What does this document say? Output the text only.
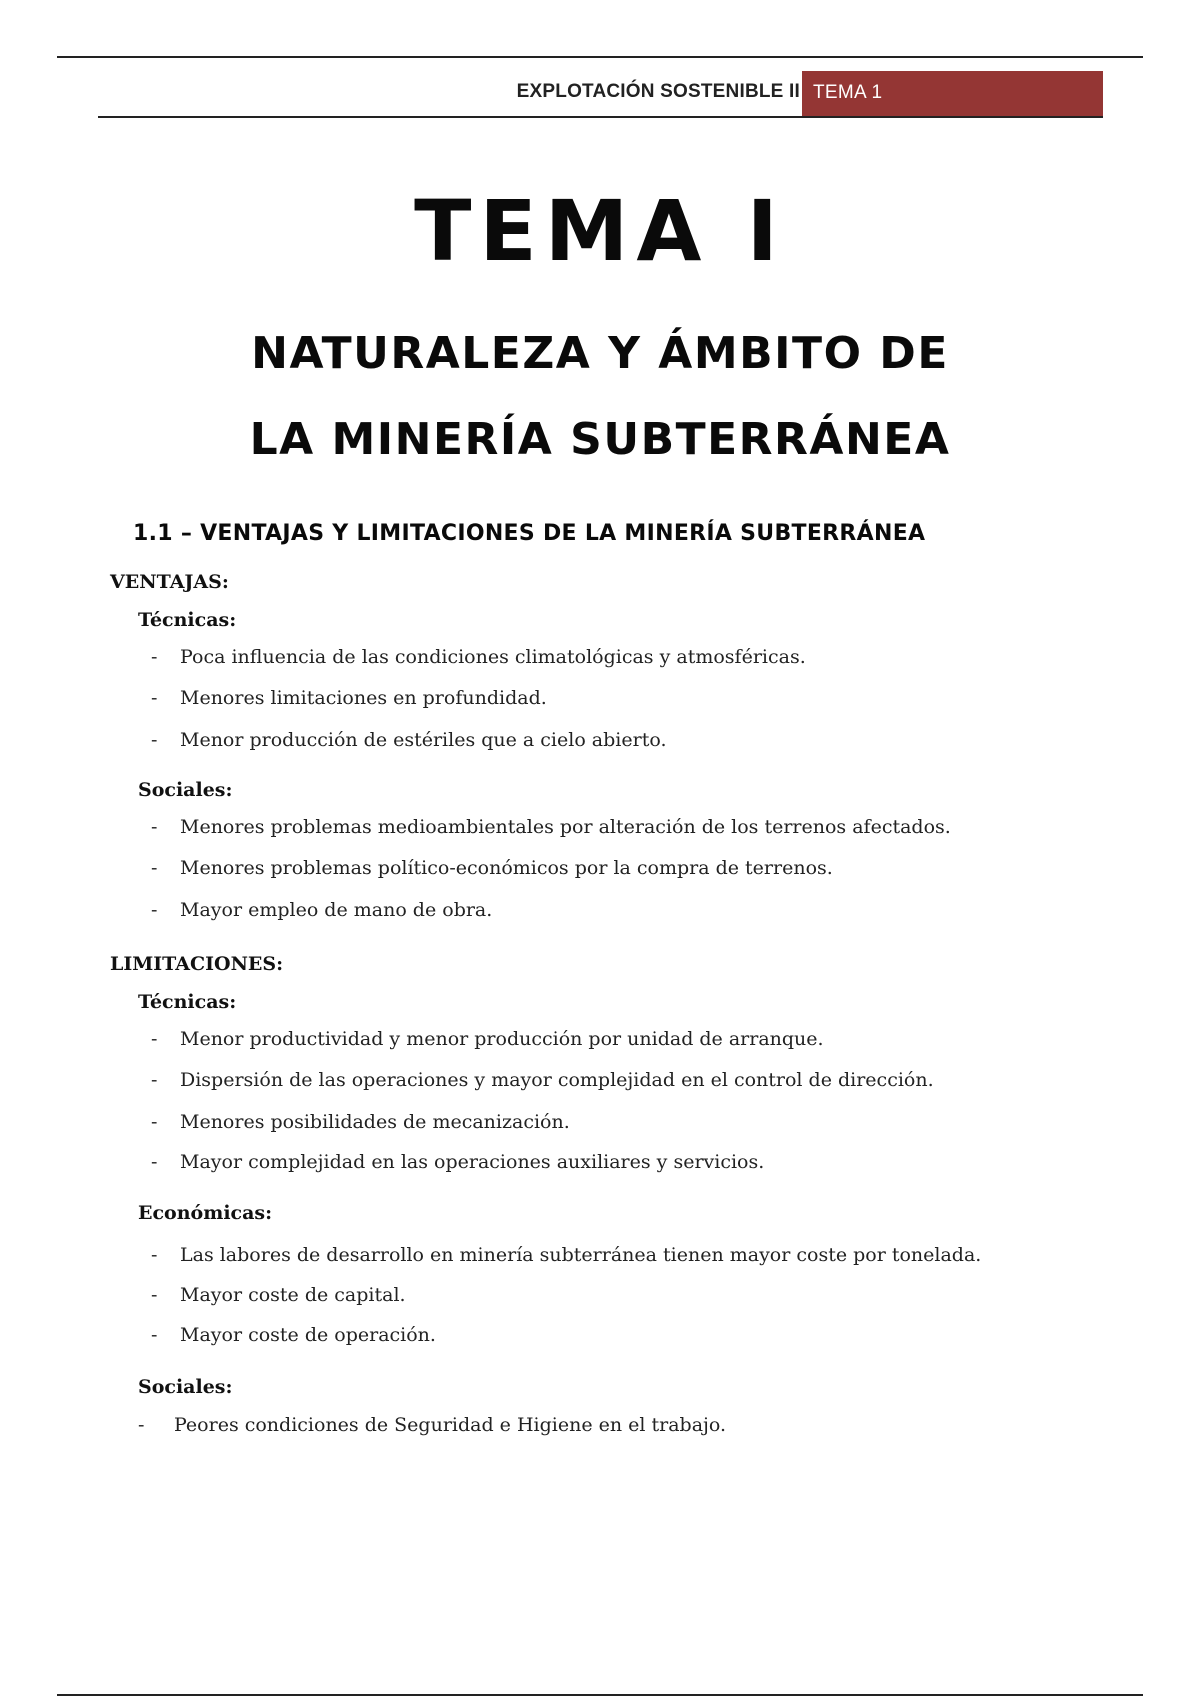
EXPLOTACIÓN SOSTENIBLE II TEMA 1
TEMA I
NATURALEZA Y ÁMBITO DE
LA MINERÍA SUBTERRÁNEA
1.1 – VENTAJAS Y LIMITACIONES DE LA MINERÍA SUBTERRÁNEA
VENTAJAS:
Técnicas:
- Poca influencia de las condiciones climatológicas y atmosféricas.
- Menores limitaciones en profundidad.
- Menor producción de estériles que a cielo abierto.
Sociales:
- Menores problemas medioambientales por alteración de los terrenos afectados.
- Menores problemas político-económicos por la compra de terrenos.
- Mayor empleo de mano de obra.
LIMITACIONES:
Técnicas:
- Menor productividad y menor producción por unidad de arranque.
- Dispersión de las operaciones y mayor complejidad en el control de dirección.
- Menores posibilidades de mecanización.
- Mayor complejidad en las operaciones auxiliares y servicios.
Económicas:
- Las labores de desarrollo en minería subterránea tienen mayor coste por tonelada.
- Mayor coste de capital.
- Mayor coste de operación.
Sociales:
- Peores condiciones de Seguridad e Higiene en el trabajo.
